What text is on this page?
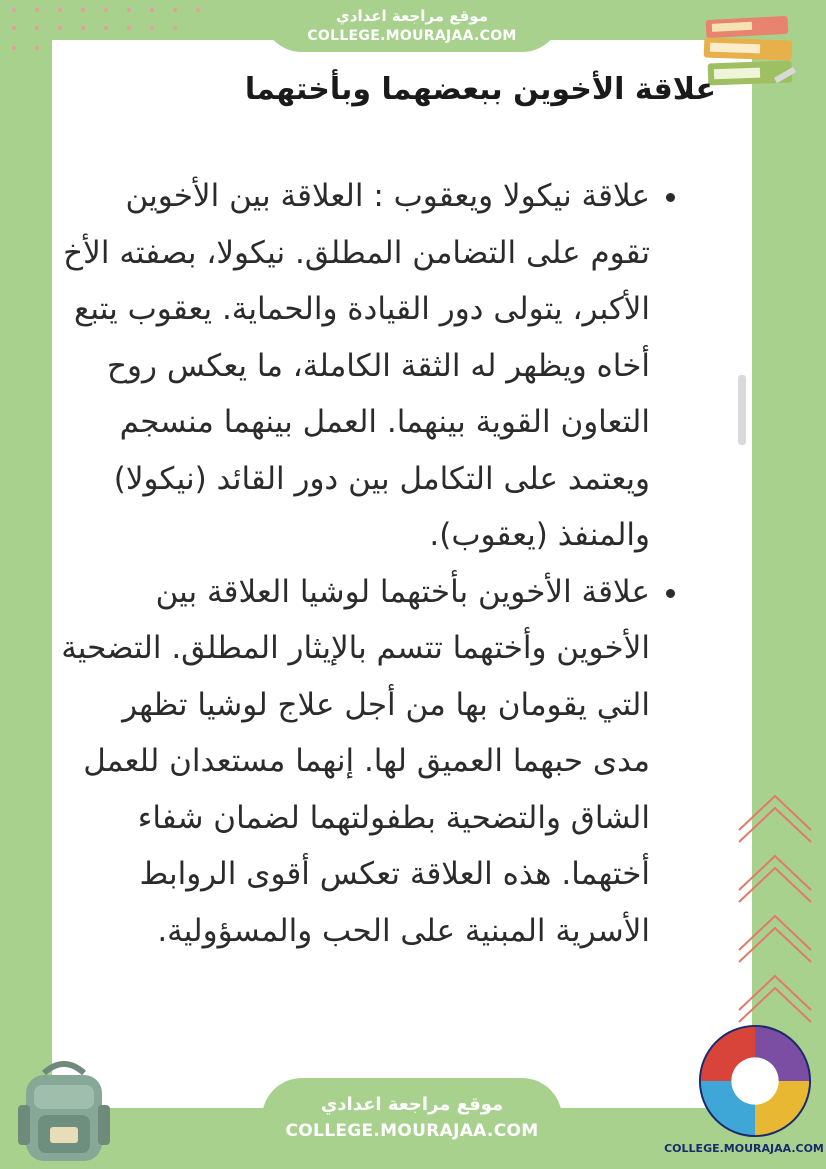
موقع مراجعة اعدادي
COLLEGE.MOURAJAA.COM
علاقة الأخوين ببعضهما وبأختهما
• علاقة نيكولا ويعقوب : العلاقة بين الأخوين تقوم على التضامن المطلق. نيكولا، بصفته الأخ الأكبر، يتولى دور القيادة والحماية. يعقوب يتبع أخاه ويظهر له الثقة الكاملة، ما يعكس روح التعاون القوية بينهما. العمل بينهما منسجم ويعتمد على التكامل بين دور القائد (نيكولا) والمنفذ (يعقوب).
• علاقة الأخوين بأختهما لوشيا العلاقة بين الأخوين وأختهما تتسم بالإيثار المطلق. التضحية التي يقومان بها من أجل علاج لوشيا تظهر مدى حبهما العميق لها. إنهما مستعدان للعمل الشاق والتضحية بطفولتهما لضمان شفاء أختهما. هذه العلاقة تعكس أقوى الروابط الأسرية المبنية على الحب والمسؤولية.
موقع مراجعة اعدادي
COLLEGE.MOURAJAA.COM
COLLEGE.MOURAJAA.COM
